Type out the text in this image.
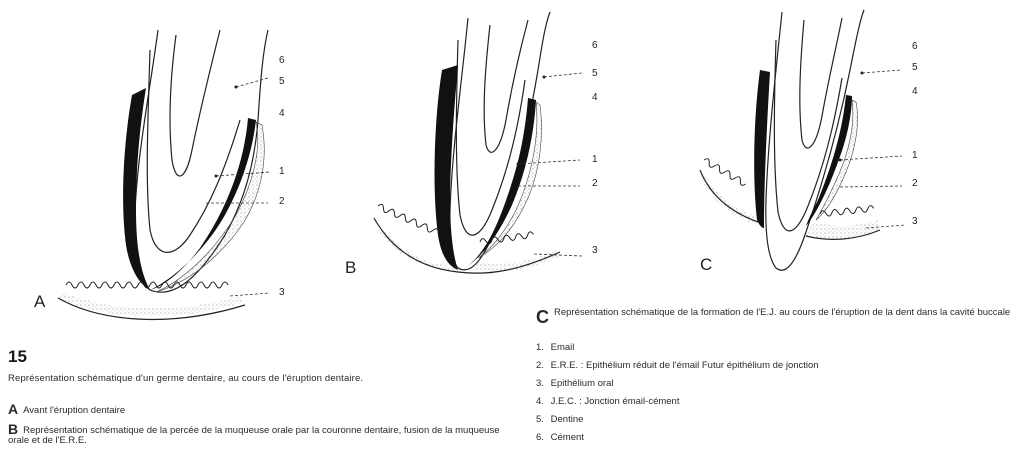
A
B	C
6
5
4
1
2
3
6
5
4
1
2
3
6
5
4
1
2
3
15
Représentation schématique d'un germe dentaire, au cours de l'éruption dentaire.
A Avant l'éruption dentaire
B Représentation schématique de la percée de la muqueuse orale par la couronne dentaire, fusion de la muqueuse orale et de l'E.R.E.
C Représentation schématique de la formation de l'E.J. au cours de l'éruption de la dent dans la cavité buccale
1. Email
2. E.R.E. : Epithélium réduit de l'émail Futur épithélium de jonction
3. Epithélium oral
4. J.E.C. : Jonction émail-cément
5. Dentine
6. Cément
